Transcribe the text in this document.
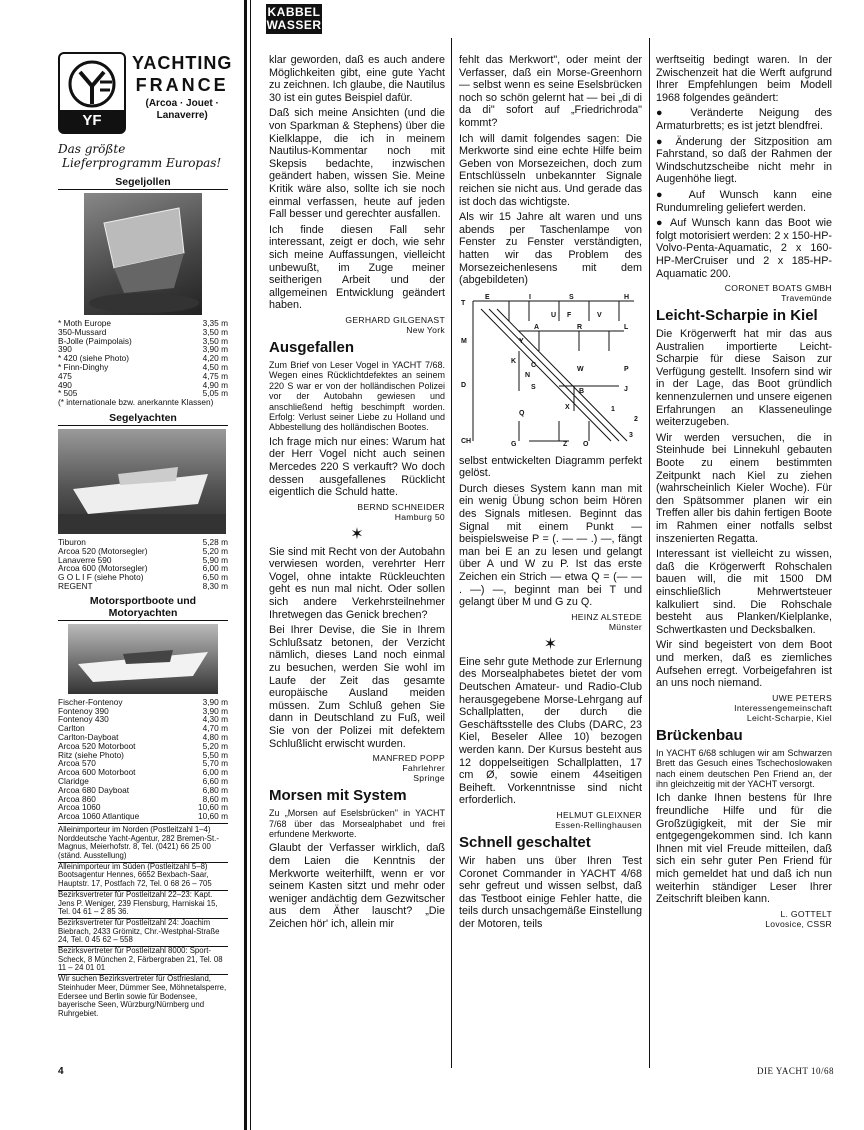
KABBEL
WASSER
YF
YACHTING
FRANCE
(Arcoa · Jouet ·
Lanaverre)
Das größte
Lieferprogramm Europas!
Segeljollen
* Moth Europe	3,35 m
350-Mussard	3,50 m
B-Jolle (Paimpolais)	3,50 m
390	3,90 m
* 420 (siehe Photo)	4,20 m
* Finn-Dinghy	4,50 m
475	4,75 m
490	4,90 m
* 505	5,05 m
(* internationale bzw. anerkannte Klassen)
Segelyachten
Tiburon	5,28 m
Arcoa 520 (Motorsegler)	5,20 m
Lanaverre 590	5,90 m
Arcoa 600 (Motorsegler)	6,00 m
G O L I F (siehe Photo)	6,50 m
REGENT	8,30 m
Motorsportboote und Motoryachten
Fischer-Fontenoy	3,90 m
Fontenoy 390	3,90 m
Fontenoy 430	4,30 m
Carlton	4,70 m
Carlton-Dayboat	4,80 m
Arcoa 520 Motorboot	5,20 m
Ritz (siehe Photo)	5,50 m
Arcoa 570	5,70 m
Arcoa 600 Motorboot	6,00 m
Claridge	6,60 m
Arcoa 680 Dayboat	6,80 m
Arcoa 860	8,60 m
Arcoa 1060	10,60 m
Arcoa 1060 Atlantique	10,60 m

Alleinimporteur im Norden (Postleitzahl 1–4) Norddeutsche Yacht-Agentur, 282 Bremen-St.-Magnus, Meierhofstr. 8, Tel. (0421) 66 25 00 (ständ. Ausstellung)

Alleinimporteur im Süden (Postleitzahl 5–8) Bootsagentur Hennes, 6652 Bexbach-Saar, Hauptstr. 17, Postfach 72, Tel. 0 68 26 – 705

Bezirksvertreter für Postleitzahl 22–23: Kapt. Jens P. Weniger, 239 Flensburg, Harniskai 15, Tel. 04 61 – 2 85 36.

Bezirksvertreter für Postleitzahl 24: Joachim Biebrach, 2433 Grömitz, Chr.-Westphal-Straße 24, Tel. 0 45 62 – 558

Bezirksvertreter für Postleitzahl 8000: Sport-Scheck, 8 München 2, Färbergraben 21, Tel. 08 11 – 24 01 01

Wir suchen Bezirksvertreter für Ostfriesland, Steinhuder Meer, Dümmer See, Möhnetalsperre, Edersee und Berlin sowie für Bodensee, bayerische Seen, Würzburg/Nürnberg und Ruhrgebiet.

klar geworden, daß es auch andere Möglichkeiten gibt, eine gute Yacht zu zeichnen. Ich glaube, die Nautilus 30 ist ein gutes Beispiel dafür.

Daß sich meine Ansichten (und die von Sparkman & Stephens) über die Kielklappe, die ich in meinem Nautilus-Kommentar noch mit Skepsis bedachte, inzwischen geändert haben, wissen Sie. Meine Kritik wäre also, sollte ich sie noch einmal verfassen, heute auf jeden Fall besser und gerechter ausfallen.

Ich finde diesen Fall sehr interessant, zeigt er doch, wie sehr sich meine Auffassungen, vielleicht unbewußt, im Zuge meiner seitherigen Arbeit und der allgemeinen Entwicklung geändert haben.

GERHARD GILGENAST
New York
Ausgefallen

Zum Brief von Leser Vogel in YACHT 7/68. Wegen eines Rücklichtdefektes an seinem 220 S war er von der holländischen Polizei vor der Autobahn gewiesen und anschließend heftig beschimpft worden. Erfolg: Verlust seiner Liebe zu Holland und Abbestellung des holländischen Bootes.

Ich frage mich nur eines: Warum hat der Herr Vogel nicht auch seinen Mercedes 220 S verkauft? Wo doch dessen ausgefallenes Rücklicht eigentlich die Schuld hatte.

BERND SCHNEIDER
Hamburg 50
✶

Sie sind mit Recht von der Autobahn verwiesen worden, verehrter Herr Vogel, ohne intakte Rückleuchten geht es nun mal nicht. Oder sollen sich andere Verkehrsteilnehmer Ihretwegen das Genick brechen?

Bei Ihrer Devise, die Sie in Ihrem Schlußsatz betonen, der Verzicht nämlich, dieses Land noch einmal zu besuchen, werden Sie wohl im Laufe der Zeit das gesamte europäische Ausland meiden müssen. Zum Schluß gehen Sie dann in Deutschland zu Fuß, weil Sie von der Polizei mit defektem Schlußlicht erwischt wurden.

MANFRED POPP
Fahrlehrer
Springe
Morsen mit System

Zu „Morsen auf Eselsbrücken" in YACHT 7/68 über das Morsealphabet und frei erfundene Merkworte.

Glaubt der Verfasser wirklich, daß dem Laien die Kenntnis der Merkworte weiterhilft, wenn er vor seinem Kasten sitzt und mehr oder weniger andächtig dem Gezwitscher aus dem Äther lauscht? „Die Zeichen hör' ich, allein mir

fehlt das Merkwort", oder meint der Verfasser, daß ein Morse-Greenhorn — selbst wenn es seine Eselsbrücken noch so schön gelernt hat — bei „di di da di" sofort auf „Friedrichroda" kommt?

Ich will damit folgendes sagen: Die Merkworte sind eine echte Hilfe beim Geben von Morsezeichen, doch zum Entschlüsseln unbekannter Signale reichen sie nicht aus. Und gerade das ist doch das wichtigste.

Als wir 15 Jahre alt waren und uns abends per Taschenlampe von Fenster zu Fenster verständigten, hatten wir das Problem des Morsezeichenlesens mit dem (abgebildeten)

T
E	I	S	H
U F	V
A	R	L
M	Y
K
C
W	P
N
S	J
D
B
X
CH	G	Z O
Q
3
2
1

selbst entwickelten Diagramm perfekt gelöst.

Durch dieses System kann man mit ein wenig Übung schon beim Hören des Signals mitlesen. Beginnt das Signal mit einem Punkt — beispielsweise P = (. — — .) —, fängt man bei E an zu lesen und gelangt über A und W zu P. Ist das erste Zeichen ein Strich — etwa Q = (— — . —) —, beginnt man bei T und gelangt über M und G zu Q.

HEINZ ALSTEDE
Münster
✶

Eine sehr gute Methode zur Erlernung des Morsealphabetes bietet der vom Deutschen Amateur- und Radio-Club herausgegebene Morse-Lehrgang auf Schallplatten, der durch die Geschäftsstelle des Clubs (DARC, 23 Kiel, Beseler Allee 10) bezogen werden kann. Der Kursus besteht aus 12 doppelseitigen Schallplatten, 17 cm Ø, sowie einem 44seitigen Beiheft. Vorkenntnisse sind nicht erforderlich.

HELMUT GLEIXNER
Essen-Rellinghausen
Schnell geschaltet

Wir haben uns über Ihren Test Coronet Commander in YACHT 4/68 sehr gefreut und wissen selbst, daß das Testboot einige Fehler hatte, die teils durch unsachgemäße Einstellung der Motoren, teils

werftseitig bedingt waren. In der Zwischenzeit hat die Werft aufgrund Ihrer Empfehlungen beim Modell 1968 folgendes geändert:

● Veränderte Neigung des Armaturbretts; es ist jetzt blendfrei.

● Änderung der Sitzposition am Fahrstand, so daß der Rahmen der Windschutzscheibe nicht mehr in Augenhöhe liegt.

● Auf Wunsch kann eine Rundumreling geliefert werden.

● Auf Wunsch kann das Boot wie folgt motorisiert werden: 2 x 150-HP-Volvo-Penta-Aquamatic, 2 x 160-HP-MerCruiser und 2 x 185-HP-Aquamatic 200.

CORONET BOATS GMBH
Travemünde
Leicht-Scharpie in Kiel

Die Krögerwerft hat mir das aus Australien importierte Leicht-Scharpie für diese Saison zur Verfügung gestellt. Insofern sind wir in der Lage, das Boot gründlich kennenzulernen und unsere eigenen Erfahrungen an Klasseneulinge weiterzugeben.

Wir werden versuchen, die in Steinhude bei Linnekuhl gebauten Boote zu einem bestimmten Zeitpunkt nach Kiel zu ziehen (wahrscheinlich Kieler Woche). Für den Spätsommer planen wir ein Treffen aller bis dahin fertigen Boote im Rahmen einer notfalls selbst inszenierten Regatta.

Interessant ist vielleicht zu wissen, daß die Krögerwerft Rohschalen bauen will, die mit 1500 DM einschließlich Mehrwertsteuer kalkuliert sind. Die Rohschale besteht aus Planken/Kielplanke, Schwertkasten und Decksbalken.

Wir sind begeistert von dem Boot und merken, daß es ziemliches Aufsehen erregt. Vorbeigefahren ist an uns noch niemand.

UWE PETERS
Interessengemeinschaft
Leicht-Scharpie, Kiel
Brückenbau

In YACHT 6/68 schlugen wir am Schwarzen Brett das Gesuch eines Tschechoslowaken nach einem deutschen Pen Friend an, der ihn gleichzeitig mit der YACHT versorgt.

Ich danke Ihnen bestens für Ihre freundliche Hilfe und für die Großzügigkeit, mit der Sie mir entgegengekommen sind. Ich kann Ihnen mit viel Freude mitteilen, daß sich ein sehr guter Pen Friend für mich gemeldet hat und daß ich nun weiterhin ständiger Leser Ihrer Zeitschrift bleiben kann.

L. GOTTELT
Lovosice, CSSR
4	DIE YACHT 10/68
